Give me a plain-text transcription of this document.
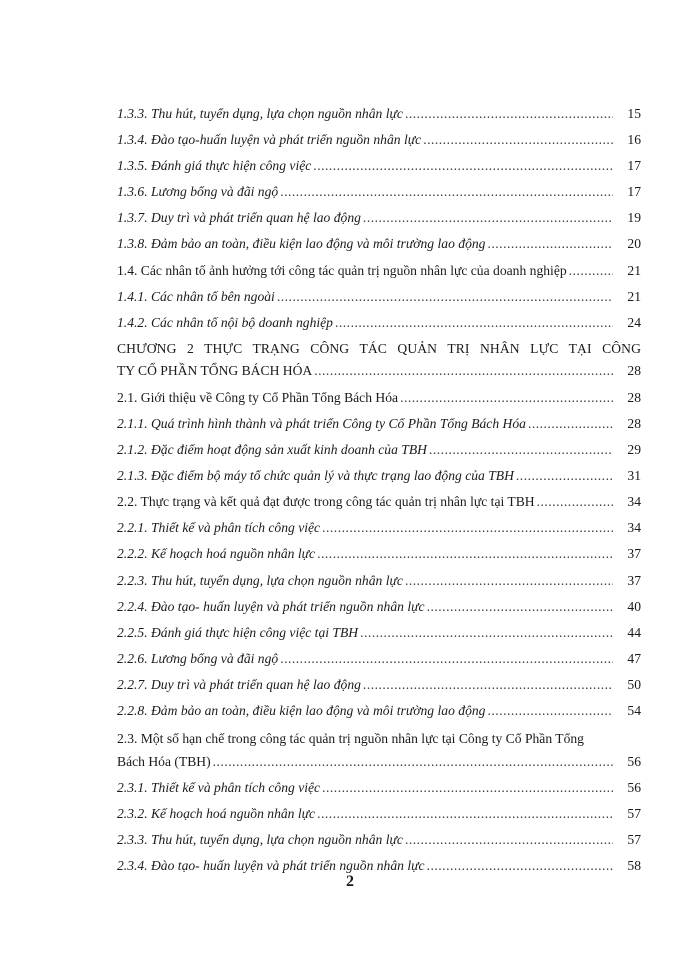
1.3.3. Thu hút, tuyển dụng, lựa chọn nguồn nhân lực .....	15
1.3.4. Đào tạo-huấn luyện và phát triển nguồn nhân lực .....	16
1.3.5. Đánh giá thực hiện công việc .....	17
1.3.6. Lương bổng và đãi ngộ .....	17
1.3.7. Duy trì và phát triển quan hệ lao động .....	19
1.3.8. Đảm bảo an toàn, điều kiện lao động và môi trường lao động .....	20
1.4. Các nhân tố ảnh hưởng tới công tác quản trị nguồn nhân lực của doanh nghiệp .....	21
1.4.1. Các nhân tố bên ngoài .....	21
1.4.2. Các nhân tố nội bộ doanh nghiệp .....	24
CHƯƠNG 2 THỰC TRẠNG CÔNG TÁC QUẢN TRỊ NHÂN LỰC TẠI CÔNG
TY CỔ PHẦN TỔNG BÁCH HÓA .....	28
2.1. Giới thiệu về Công ty Cổ Phần Tổng Bách Hóa .....	28
2.1.1. Quá trình hình thành và phát triển Công ty Cổ Phần Tổng Bách Hóa .....	28
2.1.2. Đặc điểm hoạt động sản xuất kinh doanh của TBH .....	29
2.1.3. Đặc điểm bộ máy tổ chức quản lý và thực trạng lao động của TBH .....	31
2.2. Thực trạng và kết quả đạt được trong công tác quản trị nhân lực tại TBH .....	34
2.2.1. Thiết kế và phân tích công việc .....	34
2.2.2. Kế hoạch hoá nguồn nhân lực .....	37
2.2.3. Thu hút, tuyển dụng, lựa chọn nguồn nhân lực .....	37
2.2.4. Đào tạo- huấn luyện và phát triển nguồn nhân lực .....	40
2.2.5. Đánh giá thực hiện công việc tại TBH .....	44
2.2.6. Lương bổng và đãi ngộ .....	47
2.2.7. Duy trì và phát triển quan hệ lao động .....	50
2.2.8. Đảm bảo an toàn, điều kiện lao động và môi trường lao động .....	54
2.3. Một số hạn chế trong công tác quản trị nguồn nhân lực tại Công ty Cổ Phần Tổng
Bách Hóa (TBH) .....	56
2.3.1. Thiết kế và phân tích công việc .....	56
2.3.2. Kế hoạch hoá nguồn nhân lực .....	57
2.3.3. Thu hút, tuyển dụng, lựa chọn nguồn nhân lực .....	57
2.3.4. Đào tạo- huấn luyện và phát triển nguồn nhân lực .....	58
2
